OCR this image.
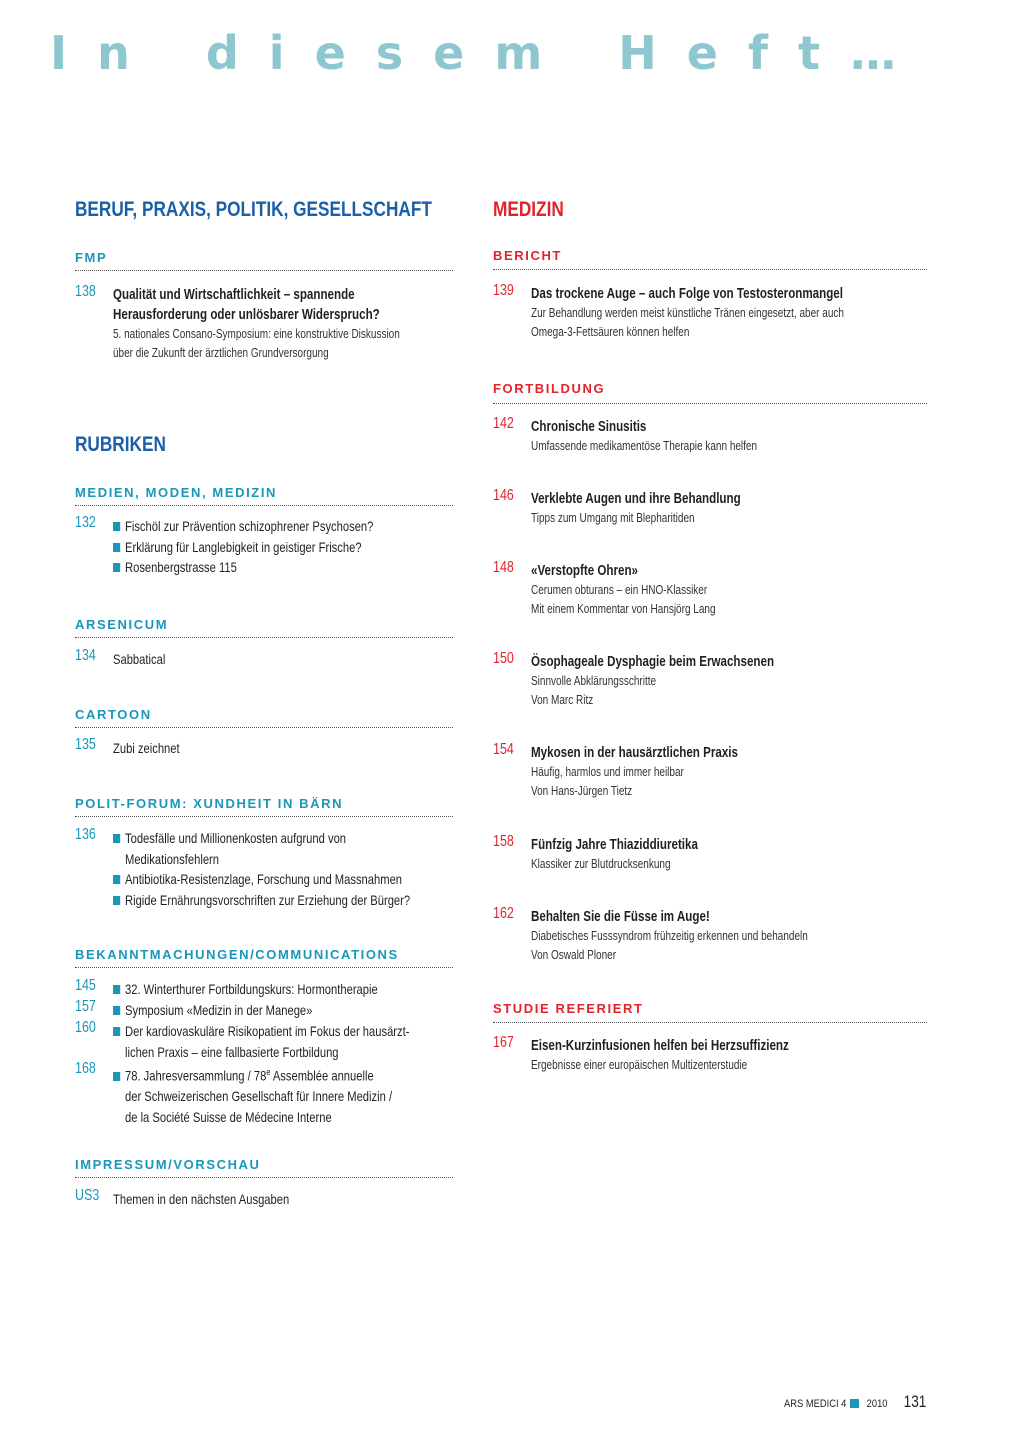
In diesem Heft…
BERUF, PRAXIS, POLITIK, GESELLSCHAFT
FMP
138 Qualität und Wirtschaftlichkeit – spannende
Herausforderung oder unlösbarer Widerspruch?
5. nationales Consano-Symposium: eine konstruktive Diskussion
über die Zukunft der ärztlichen Grundversorgung
RUBRIKEN
MEDIEN, MODEN, MEDIZIN
132	Fischöl zur Prävention schizophrener Psychosen?
Erklärung für Langlebigkeit in geistiger Frische?
Rosenbergstrasse 115
ARSENICUM
134 Sabbatical
CARTOON
135 Zubi zeichnet
POLIT-FORUM: XUNDHEIT IN BÄRN
136	Todesfälle und Millionenkosten aufgrund von
Medikationsfehlern
Antibiotika-Resistenzlage, Forschung und Massnahmen
Rigide Ernährungsvorschriften zur Erziehung der Bürger?
BEKANNTMACHUNGEN/COMMUNICATIONS
145	32. Winterthurer Fortbildungskurs: Hormontherapie
157	Symposium «Medizin in der Manege»
160	Der kardiovaskuläre Risikopatient im Fokus der hausärzt-
lichen Praxis – eine fallbasierte Fortbildung
168	78. Jahresversammlung / 78e Assemblée annuelle
der Schweizerischen Gesellschaft für Innere Medizin /
de la Société Suisse de Médecine Interne
IMPRESSUM/VORSCHAU
US3 Themen in den nächsten Ausgaben
MEDIZIN
BERICHT
139 Das trockene Auge – auch Folge von Testosteronmangel
Zur Behandlung werden meist künstliche Tränen eingesetzt, aber auch
Omega-3-Fettsäuren können helfen
FORTBILDUNG
142 Chronische Sinusitis
Umfassende medikamentöse Therapie kann helfen
146 Verklebte Augen und ihre Behandlung
Tipps zum Umgang mit Blepharitiden
148 «Verstopfte Ohren»
Cerumen obturans – ein HNO-Klassiker
Mit einem Kommentar von Hansjörg Lang
150 Ösophageale Dysphagie beim Erwachsenen
Sinnvolle Abklärungsschritte
Von Marc Ritz
154 Mykosen in der hausärztlichen Praxis
Häufig, harmlos und immer heilbar
Von Hans-Jürgen Tietz
158 Fünfzig Jahre Thiaziddiuretika
Klassiker zur Blutdrucksenkung
162 Behalten Sie die Füsse im Auge!
Diabetisches Fusssyndrom frühzeitig erkennen und behandeln
Von Oswald Ploner
STUDIE REFERIERT
167 Eisen-Kurzinfusionen helfen bei Herzsuffizienz
Ergebnisse einer europäischen Multizenterstudie
ARS MEDICI 4 2010 131
